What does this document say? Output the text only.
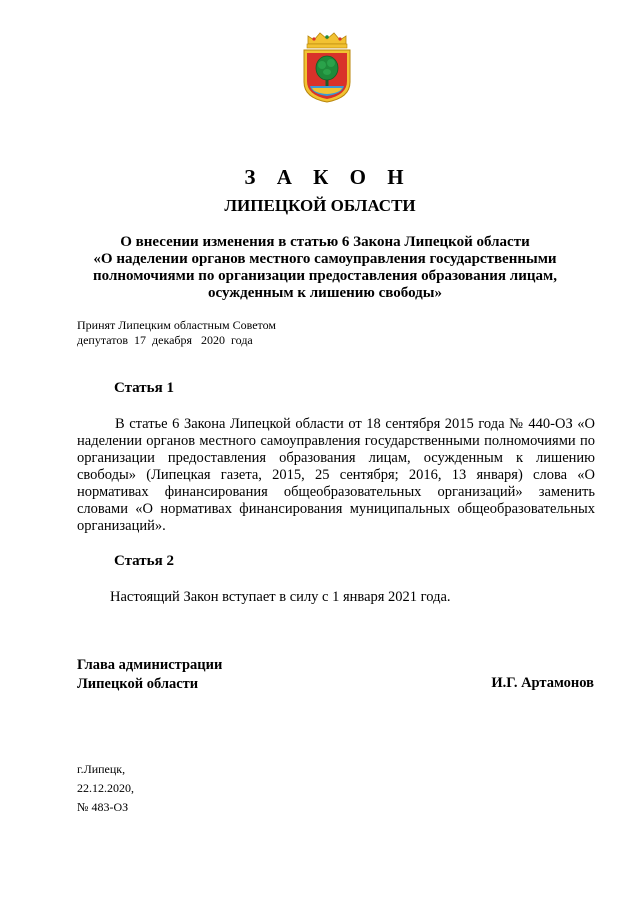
З А К О Н
ЛИПЕЦКОЙ ОБЛАСТИ
О внесении изменения в статью 6 Закона Липецкой области
«О наделении органов местного самоуправления государственными
полномочиями по организации предоставления образования лицам,
осужденным к лишению свободы»
Принят Липецким областным Советом
депутатов  17  декабря   2020  года
Статья 1
В статье 6 Закона Липецкой области от 18 сентября 2015 года № 440-ОЗ «О наделении органов местного самоуправления государственными полномочиями по организации предоставления образования лицам, осужденным к лишению свободы» (Липецкая газета, 2015, 25 сентября; 2016, 13 января) слова «О нормативах финансирования общеобразовательных организаций» заменить словами «О нормативах финансирования муниципальных общеобразовательных организаций».
Статья 2
Настоящий Закон вступает в силу с 1 января 2021 года.
Глава администрации
Липецкой области	И.Г. Артамонов
г.Липецк,
22.12.2020,
№ 483-ОЗ
